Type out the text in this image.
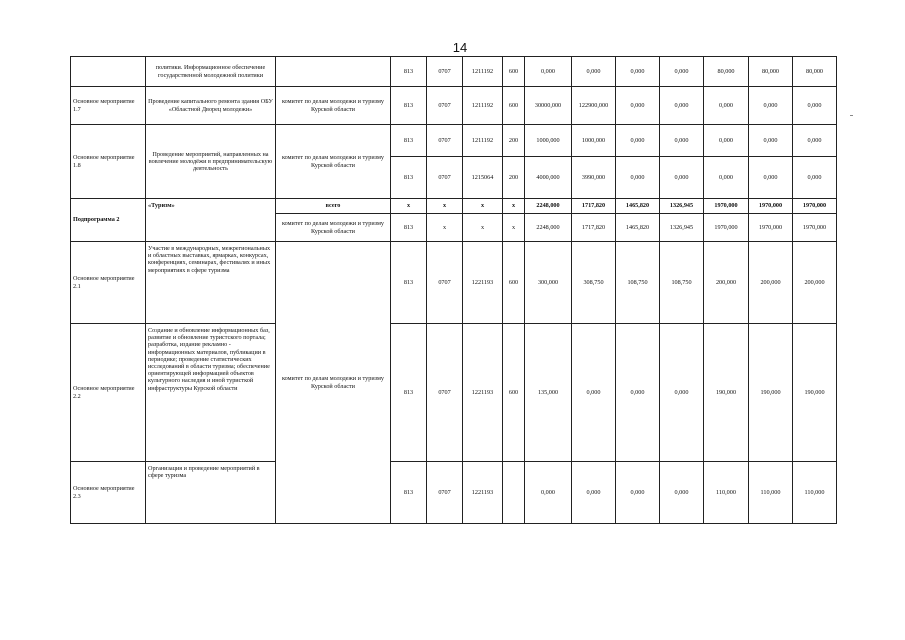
14
	политики. Информационное обеспечение государственной молодежной политики		813	0707	1211192	600	0,000	0,000	0,000	0,000	80,000	80,000	80,000
Основное мероприятие 1.7	Проведение капитального ремонта здания ОБУ «Областной Дворец молодежи»	комитет по делам молодежи и туризму Курской области	813	0707	1211192	600	30000,000	122900,000	0,000	0,000	0,000	0,000	0,000
Основное мероприятие 1.8	Проведение мероприятий, направленных на вовлечение молодёжи в предпринимательскую деятельность	комитет по делам молодежи и туризму Курской области	813	0707	1211192	200	1000,000	1000,000	0,000	0,000	0,000	0,000	0,000
			813	0707	1215064	200	4000,000	3990,000	0,000	0,000	0,000	0,000	0,000
Подпрограмма 2	«Туризм»	всего	x	x	x	x	2248,000	1717,820	1465,820	1326,945	1970,000	1970,000	1970,000
		комитет по делам молодежи и туризму Курской области	813	x	x	x	2248,000	1717,820	1465,820	1326,945	1970,000	1970,000	1970,000
Основное мероприятие 2.1	Участие в международных, межрегиональных и областных выставках, ярмарках, конкурсах, конференциях, семинарах, фестивалях и иных мероприятиях в сфере туризма	комитет по делам молодежи и туризму Курской области	813	0707	1221193	600	300,000	308,750	108,750	108,750	200,000	200,000	200,000
Основное мероприятие 2.2	Создание и обновление информационных баз, развитие и обновление туристского портала; разработка, издание рекламно - информационных материалов, публикации в периодике; проведение статистических исследований в области туризма; обеспечение ориентирующей информацией объектов культурного наследия и иной туристкой инфраструктуры Курской области		813	0707	1221193	600	135,000	0,000	0,000	0,000	190,000	190,000	190,000
Основное мероприятие 2.3	Организация и проведение мероприятий в сфере туризма		813	0707	1221193		0,000	0,000	0,000	0,000	110,000	110,000	110,000
